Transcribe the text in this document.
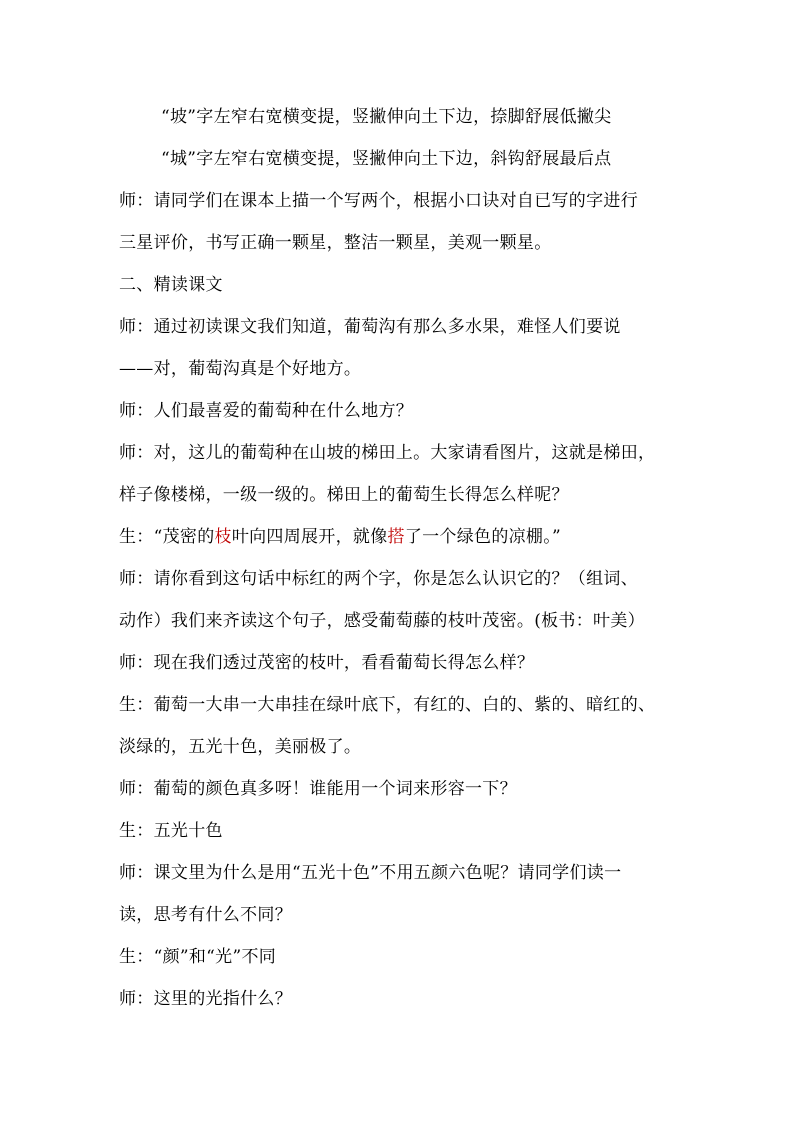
“坡”字左窄右宽横变提，竖撇伸向土下边，捺脚舒展低撇尖
“城”字左窄右宽横变提，竖撇伸向土下边，斜钩舒展最后点
师：请同学们在课本上描一个写两个，根据小口诀对自已写的字进行
三星评价，书写正确一颗星，整洁一颗星，美观一颗星。
二、精读课文
师：通过初读课文我们知道，葡萄沟有那么多水果，难怪人们要说
——对，葡萄沟真是个好地方。
师：人们最喜爱的葡萄种在什么地方？
师：对，这儿的葡萄种在山坡的梯田上。大家请看图片，这就是梯田，
样子像楼梯，一级一级的。梯田上的葡萄生长得怎么样呢？
生：“茂密的枝叶向四周展开，就像搭了一个绿色的凉棚。”
师：请你看到这句话中标红的两个字，你是怎么认识它的？（组词、
动作）我们来齐读这个句子，感受葡萄藤的枝叶茂密。(板书：叶美）
师：现在我们透过茂密的枝叶，看看葡萄长得怎么样？
生：葡萄一大串一大串挂在绿叶底下，有红的、白的、紫的、暗红的、
淡绿的，五光十色，美丽极了。
师：葡萄的颜色真多呀！谁能用一个词来形容一下？
生：五光十色
师：课文里为什么是用“五光十色”不用五颜六色呢？请同学们读一
读，思考有什么不同？
生：“颜”和“光”不同
师：这里的光指什么？
